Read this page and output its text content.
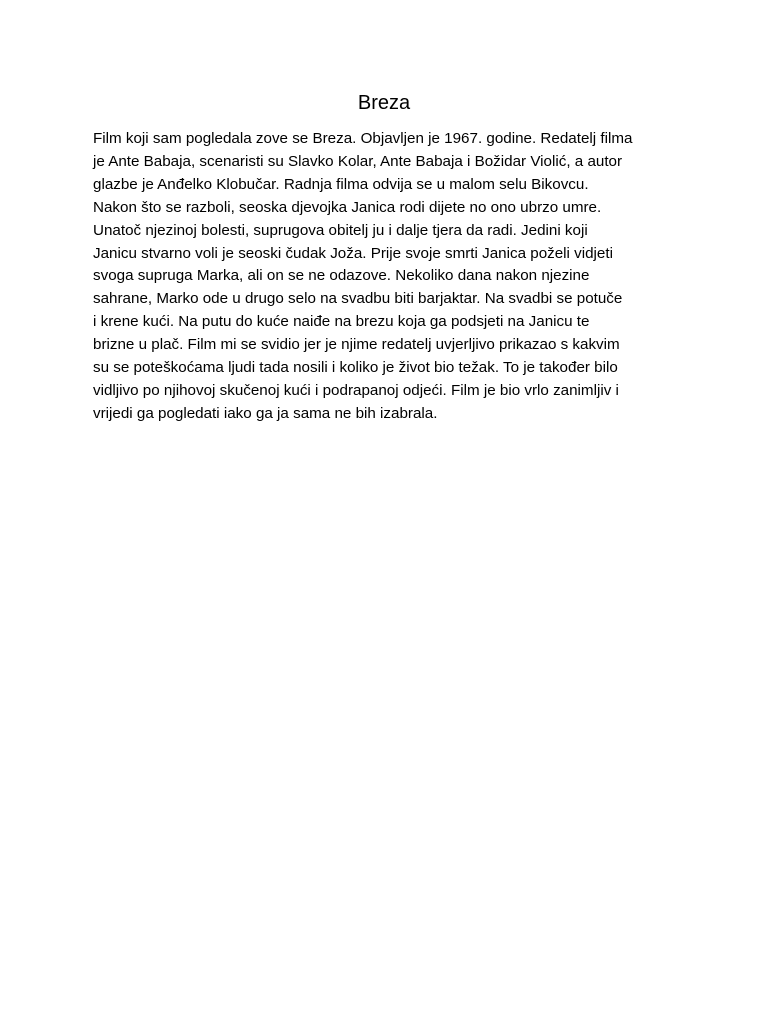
Breza
Film koji sam pogledala zove se Breza. Objavljen je 1967. godine. Redatelj filma
je Ante Babaja, scenaristi su Slavko Kolar, Ante Babaja i Božidar Violić, a autor
glazbe je Anđelko Klobučar. Radnja filma odvija se u malom selu Bikovcu.
Nakon što se razboli, seoska djevojka Janica rodi dijete no ono ubrzo umre.
Unatoč njezinoj bolesti, suprugova obitelj ju i dalje tjera da radi. Jedini koji
Janicu stvarno voli je seoski čudak Joža. Prije svoje smrti Janica poželi vidjeti
svoga supruga Marka, ali on se ne odazove. Nekoliko dana nakon njezine
sahrane, Marko ode u drugo selo na svadbu biti barjaktar. Na svadbi se potuče
i krene kući. Na putu do kuće naiđe na brezu koja ga podsjeti na Janicu te
brizne u plač. Film mi se svidio jer je njime redatelj uvjerljivo prikazao s kakvim
su se poteškoćama ljudi tada nosili i koliko je život bio težak. To je također bilo
vidljivo po njihovoj skučenoj kući i podrapanoj odjeći. Film je bio vrlo zanimljiv i
vrijedi ga pogledati iako ga ja sama ne bih izabrala.
